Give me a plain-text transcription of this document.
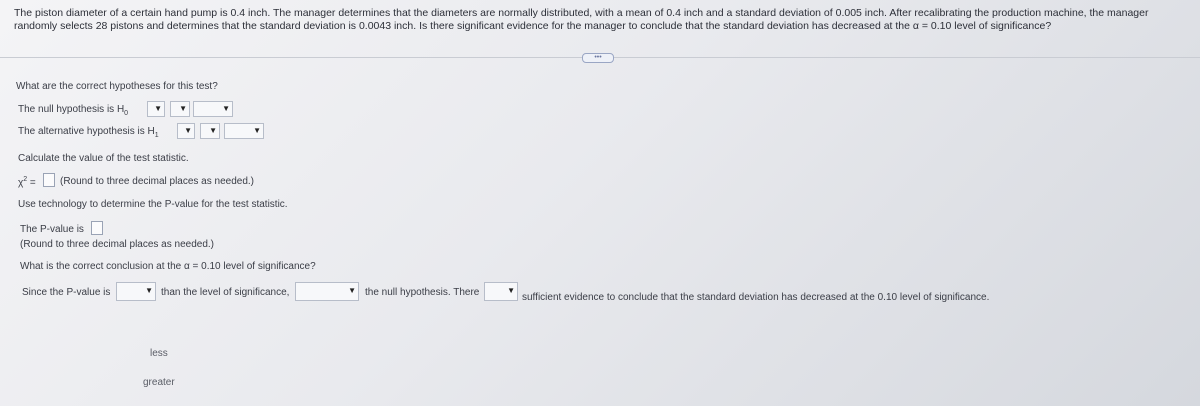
The piston diameter of a certain hand pump is 0.4 inch. The manager determines that the diameters are normally distributed, with a mean of 0.4 inch and a standard deviation of 0.005 inch. After recalibrating the production machine, the manager randomly selects 28 pistons and determines that the standard deviation is 0.0043 inch. Is there significant evidence for the manager to conclude that the standard deviation has decreased at the α = 0.10 level of significance?
•••
What are the correct hypotheses for this test?
The null hypothesis is $H_0$
▼ ▼	▼
The alternative hypothesis is $H_1$
▼ ▼	▼
Calculate the value of the test statistic.
$\chi^2$ = (Round to three decimal places as needed.)
Use technology to determine the P-value for the test statistic.
The P-value is
(Round to three decimal places as needed.)
What is the correct conclusion at the α = 0.10 level of significance?
Since the P-value is	▼ than the level of significance,	▼ the null hypothesis. There	▼
sufficient evidence to conclude that the standard deviation has decreased at the 0.10 level of significance.
less
greater
